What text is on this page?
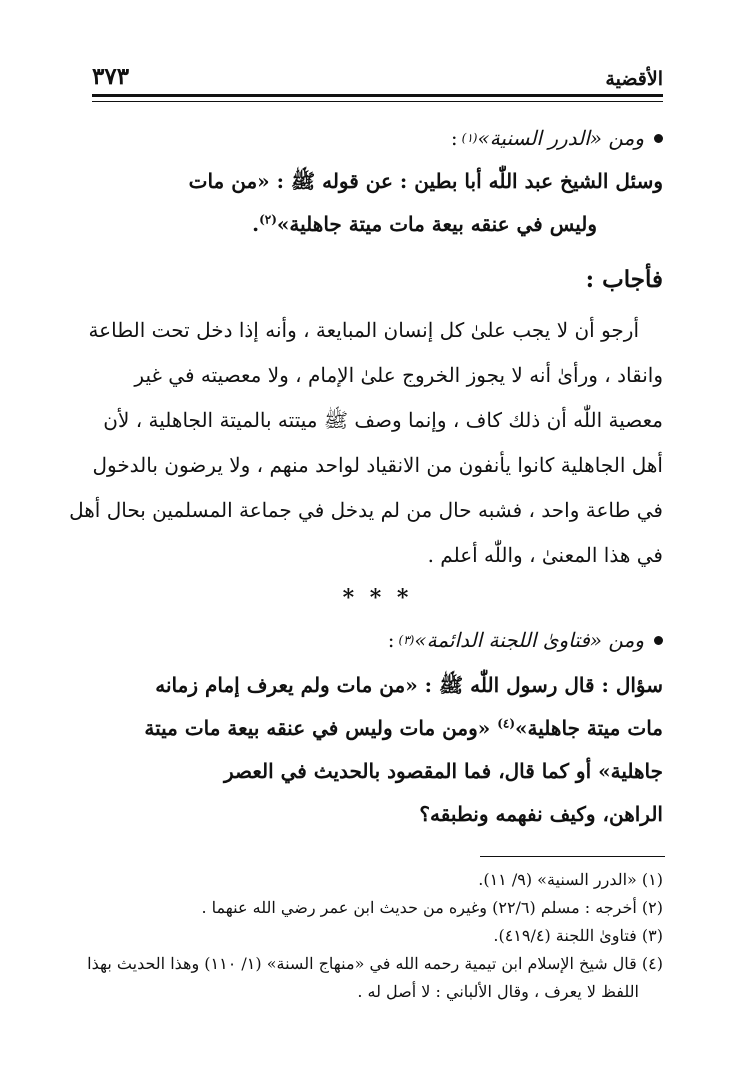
الأقضية
٣٧٣
ومن «الدرر السنية»
(١)
:
وسئل الشيخ عبد اللّٰه أبا بطين : عن قوله ﷺ : «من مات
وليس في عنقه بيعة مات ميتة جاهلية»$^{(٢)}$.
فأجاب :
أرجو أن لا يجب علىٰ كل إنسان المبايعة ، وأنه إذا دخل تحت الطاعة
وانقاد ، ورأىٰ أنه لا يجوز الخروج علىٰ الإمام ، ولا معصيته في غير
معصية اللّٰه أن ذلك كاف ، وإنما وصف ﷺ ميتته بالميتة الجاهلية ، لأن
أهل الجاهلية كانوا يأنفون من الانقياد لواحد منهم ، ولا يرضون بالدخول
في طاعة واحد ، فشبه حال من لم يدخل في جماعة المسلمين بحال أهل
في هذا المعنىٰ ، واللّٰه أعلم .
* * *
ومن «فتاوىٰ اللجنة الدائمة»
(٣)
:
سؤال : قال رسول اللّٰه ﷺ : «من مات ولم يعرف إمام زمانه
مات ميتة جاهلية»$^{(٤)}$ «ومن مات وليس في عنقه بيعة مات ميتة
جاهلية» أو كما قال، فما المقصود بالحديث في العصر
الراهن، وكيف نفهمه ونطبقه؟
(١) «الدرر السنية» (٩/ ١١).
(٢) أخرجه : مسلم (٢٢/٦) وغيره من حديث ابن عمر رضي الله عنهما .
(٣) فتاوىٰ اللجنة (٤١٩/٤).
(٤) قال شيخ الإسلام ابن تيمية رحمه الله في «منهاج السنة» (١/ ١١٠) وهذا الحديث بهذا
اللفظ لا يعرف ، وقال الألباني : لا أصل له .
